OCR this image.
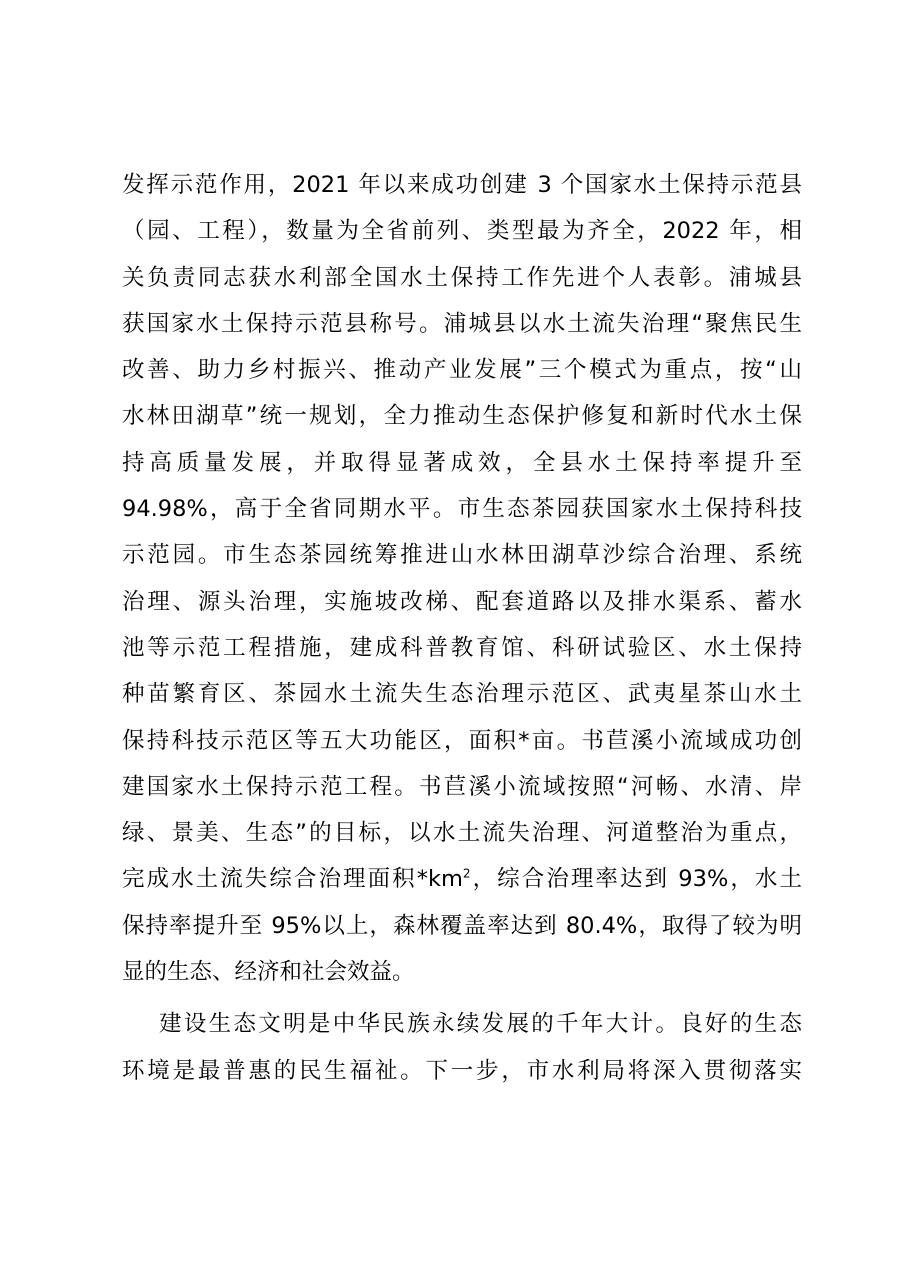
发挥示范作用，2021 年以来成功创建 3 个国家水土保持示范县
（园、工程），数量为全省前列、类型最为齐全，2022 年，相
关负责同志获水利部全国水土保持工作先进个人表彰。浦城县
获国家水土保持示范县称号。浦城县以水土流失治理“聚焦民生
改善、助力乡村振兴、推动产业发展”三个模式为重点，按“山
水林田湖草”统一规划，全力推动生态保护修复和新时代水土保
持高质量发展，并取得显著成效，全县水土保持率提升至
94.98%，高于全省同期水平。市生态茶园获国家水土保持科技
示范园。市生态茶园统筹推进山水林田湖草沙综合治理、系统
治理、源头治理，实施坡改梯、配套道路以及排水渠系、蓄水
池等示范工程措施，建成科普教育馆、科研试验区、水土保持
种苗繁育区、茶园水土流失生态治理示范区、武夷星茶山水土
保持科技示范区等五大功能区，面积*亩。书苣溪小流域成功创
建国家水土保持示范工程。书苣溪小流域按照“河畅、水清、岸
绿、景美、生态”的目标，以水土流失治理、河道整治为重点，
完成水土流失综合治理面积$*km^2$，综合治理率达到 93%，水土
保持率提升至 95%以上，森林覆盖率达到 80.4%，取得了较为明
显的生态、经济和社会效益。
建设生态文明是中华民族永续发展的千年大计。良好的生态
环境是最普惠的民生福祉。下一步，市水利局将深入贯彻落实
